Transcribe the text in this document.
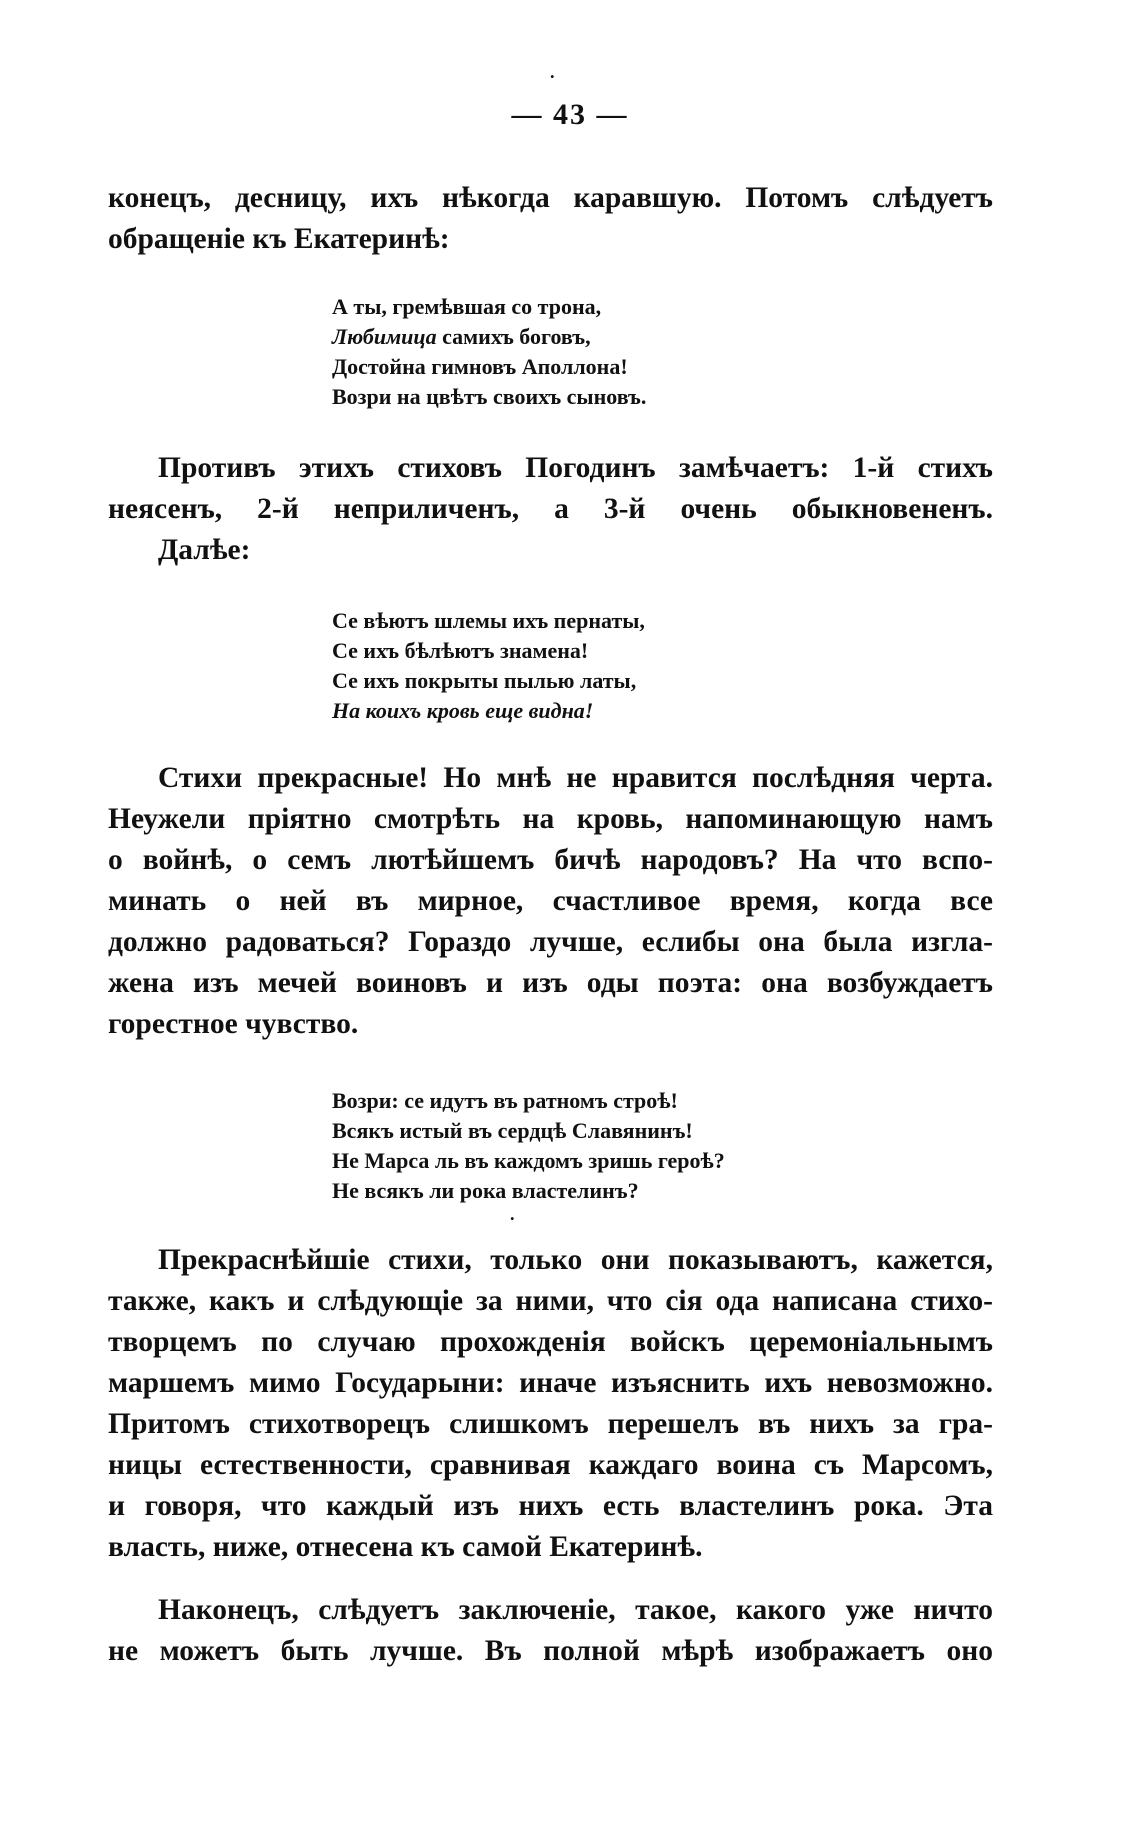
.
— 43 —
конецъ, десницу, ихъ нѣкогда каравшую. Потомъ слѣдуетъ
обращеніе къ Екатеринѣ:
А ты, гремѣвшая со трона,
Любимица самихъ боговъ,
Достойна гимновъ Аполлона!
Возри на цвѣтъ своихъ сыновъ.
Противъ этихъ стиховъ Погодинъ замѣчаетъ: 1-й стихъ
неясенъ, 2-й неприличенъ, а 3-й очень обыкновененъ.
Далѣе:
Се вѣютъ шлемы ихъ пернаты,
Се ихъ бѣлѣютъ знамена!
Се ихъ покрыты пылью латы,
На коихъ кровь еще видна!
Стихи прекрасные! Но мнѣ не нравится послѣдняя черта.
Неужели пріятно смотрѣть на кровь, напоминающую намъ
о войнѣ, о семъ лютѣйшемъ бичѣ народовъ? На что вспо-
минать о ней въ мирное, счастливое время, когда все
должно радоваться? Гораздо лучше, еслибы она была изгла-
жена изъ мечей воиновъ и изъ оды поэта: она возбуждаетъ
горестное чувство.
Возри: се идутъ въ ратномъ строѣ!
Всякъ истый въ сердцѣ Славянинъ!
Не Марса ль въ каждомъ зришь героѣ?
Не всякъ ли рока властелинъ?
.
Прекраснѣйшіе стихи, только они показываютъ, кажется,
также, какъ и слѣдующіе за ними, что сія ода написана стихо-
творцемъ по случаю прохожденія войскъ церемоніальнымъ
маршемъ мимо Государыни: иначе изъяснить ихъ невозможно.
Притомъ стихотворецъ слишкомъ перешелъ въ нихъ за гра-
ницы естественности, сравнивая каждаго воина съ Марсомъ,
и говоря, что каждый изъ нихъ есть властелинъ рока. Эта
власть, ниже, отнесена къ самой Екатеринѣ.
Наконецъ, слѣдуетъ заключеніе, такое, какого уже ничто
не можетъ быть лучше. Въ полной мѣрѣ изображаетъ оно
